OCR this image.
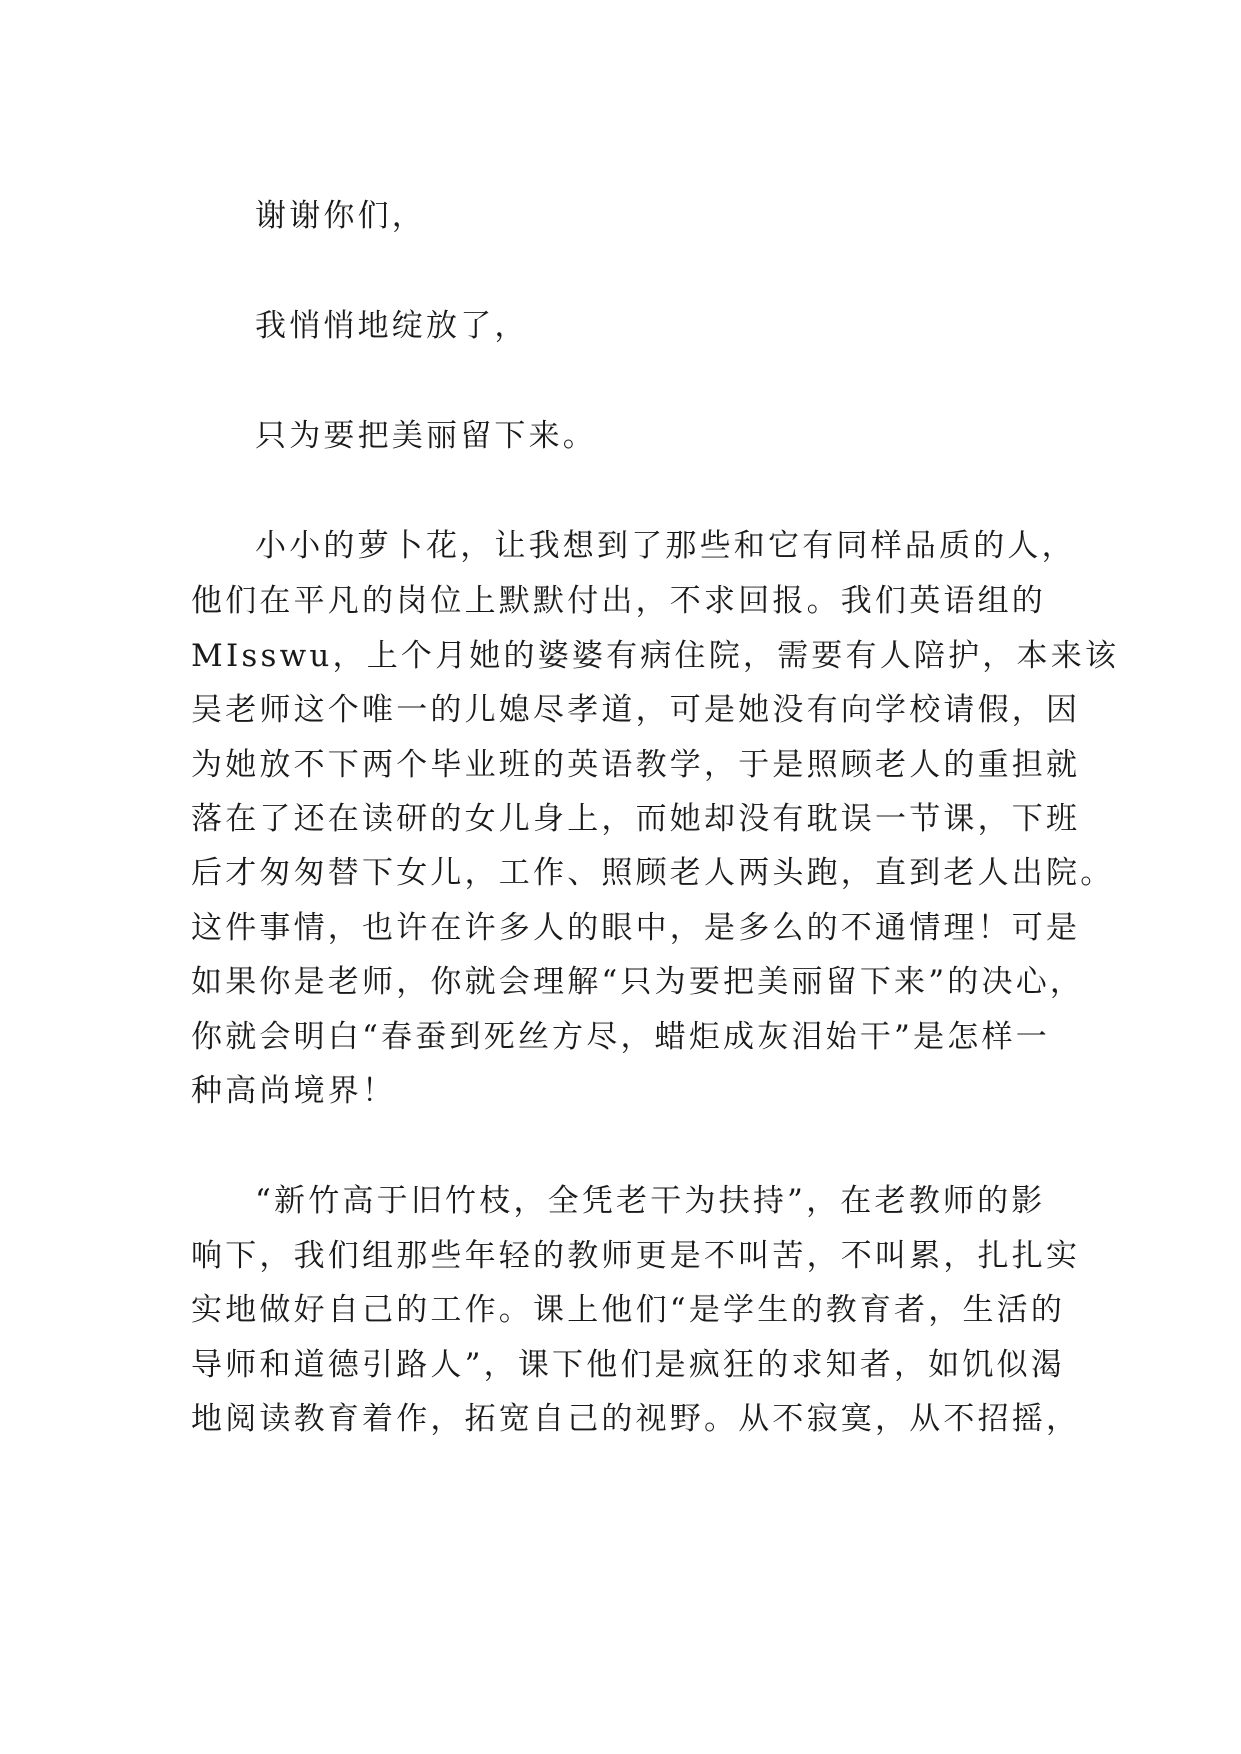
谢谢你们，
我悄悄地绽放了，
只为要把美丽留下来。
小小的萝卜花，让我想到了那些和它有同样品质的人，
他们在平凡的岗位上默默付出，不求回报。我们英语组的
MIsswu，上个月她的婆婆有病住院，需要有人陪护，本来该
吴老师这个唯一的儿媳尽孝道，可是她没有向学校请假，因
为她放不下两个毕业班的英语教学，于是照顾老人的重担就
落在了还在读研的女儿身上，而她却没有耽误一节课，下班
后才匆匆替下女儿，工作、照顾老人两头跑，直到老人出院。
这件事情，也许在许多人的眼中，是多么的不通情理！可是
如果你是老师，你就会理解“只为要把美丽留下来”的决心，
你就会明白“春蚕到死丝方尽，蜡炬成灰泪始干”是怎样一
种高尚境界！
“新竹高于旧竹枝，全凭老干为扶持”，在老教师的影
响下，我们组那些年轻的教师更是不叫苦，不叫累，扎扎实
实地做好自己的工作。课上他们“是学生的教育者，生活的
导师和道德引路人”，课下他们是疯狂的求知者，如饥似渴
地阅读教育着作，拓宽自己的视野。从不寂寞，从不招摇，
